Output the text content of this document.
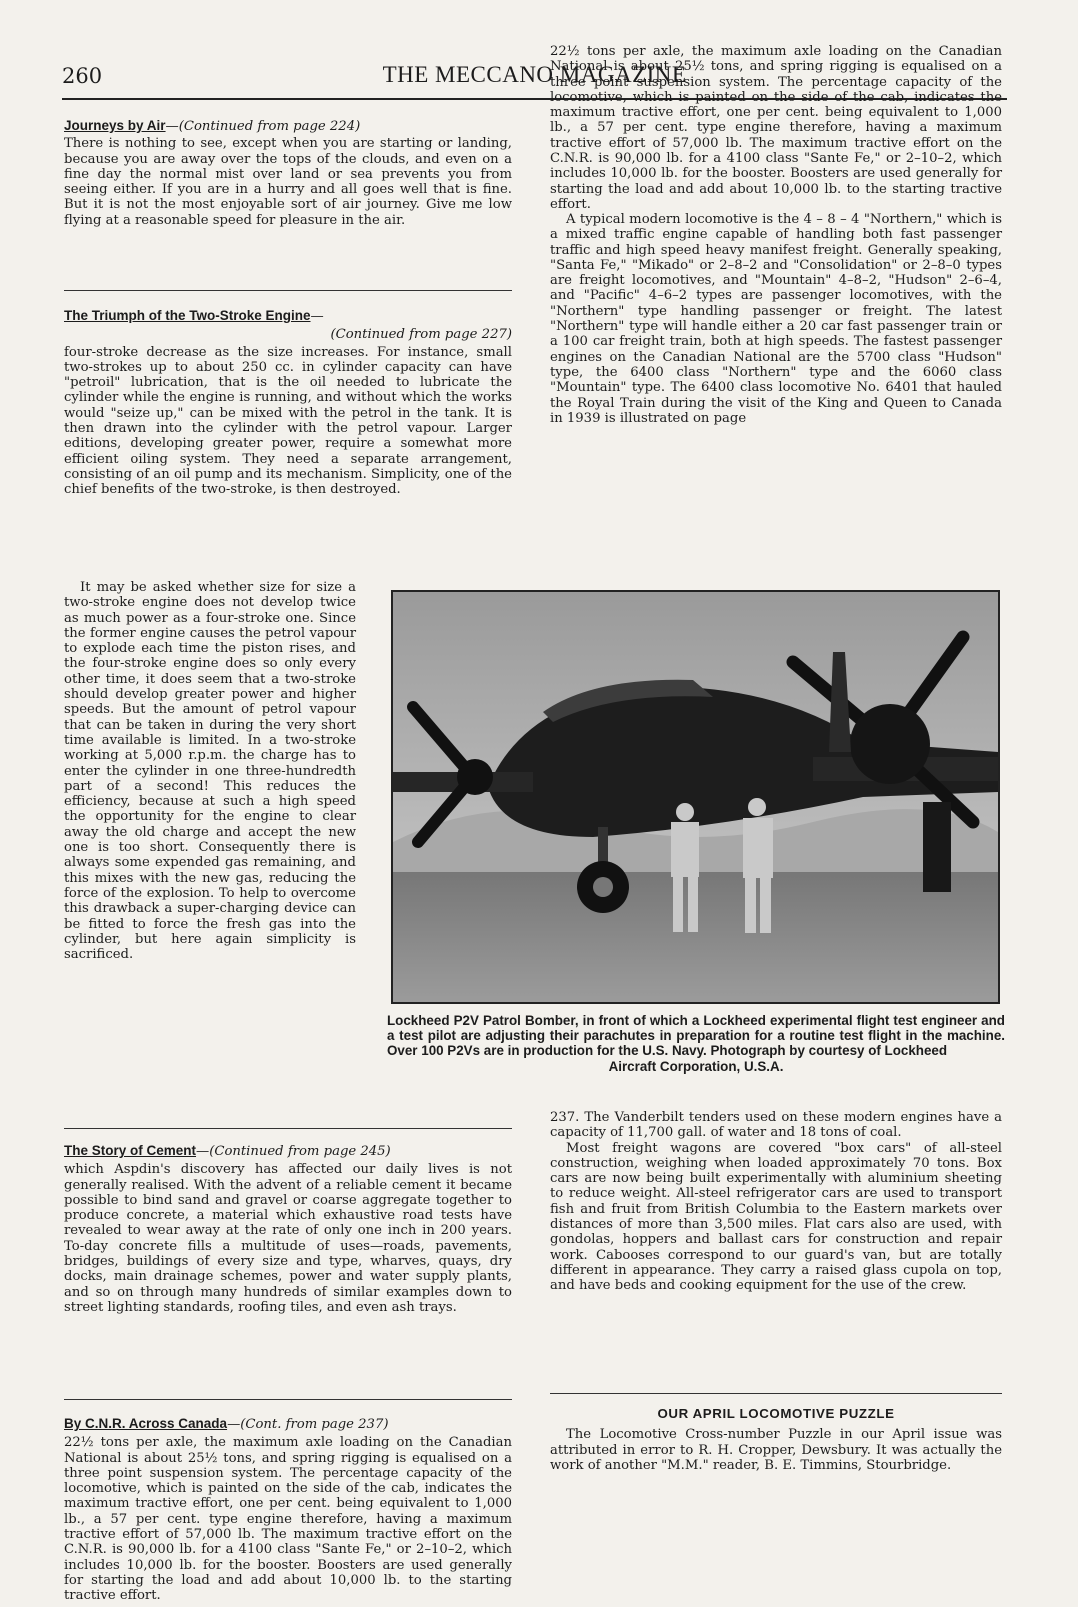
260	THE MECCANO MAGAZINE

Journeys by Air—(Continued from page 224)

There is nothing to see, except when you are starting or landing, because you are away over the tops of the clouds, and even on a fine day the normal mist over land or sea prevents you from seeing either. If you are in a hurry and all goes well that is fine. But it is not the most enjoyable sort of air journey. Give me low flying at a reasonable speed for pleasure in the air.

The Triumph of the Two-Stroke Engine—

(Continued from page 227)

four-stroke decrease as the size increases. For instance, small two-strokes up to about 250 cc. in cylinder capacity can have "petroil" lubrication, that is the oil needed to lubricate the cylinder while the engine is running, and without which the works would "seize up," can be mixed with the petrol in the tank. It is then drawn into the cylinder with the petrol vapour. Larger editions, developing greater power, require a somewhat more efficient oiling system. They need a separate arrangement, consisting of an oil pump and its mechanism. Simplicity, one of the chief benefits of the two-stroke, is then destroyed.

It may be asked whether size for size a two-stroke engine does not develop twice as much power as a four-stroke one. Since the former engine causes the petrol vapour to explode each time the piston rises, and the four-stroke engine does so only every other time, it does seem that a two-stroke should develop greater power and higher speeds. But the amount of petrol vapour that can be taken in during the very short time available is limited. In a two-stroke working at 5,000 r.p.m. the charge has to enter the cylinder in one three-hundredth part of a second! This reduces the efficiency, because at such a high speed the opportunity for the engine to clear away the old charge and accept the new one is too short. Consequently there is always some expended gas remaining, and this mixes with the new gas, reducing the force of the explosion. To help to overcome this drawback a super-charging device can be fitted to force the fresh gas into the cylinder, but here again simplicity is sacrificed.

Lockheed P2V Patrol Bomber, in front of which a Lockheed experimental flight test engineer and a test pilot are adjusting their parachutes in preparation for a routine test flight in the machine. Over 100 P2Vs are in production for the U.S. Navy. Photograph by courtesy of Lockheed
Aircraft Corporation, U.S.A.

The Story of Cement—(Continued from page 245)

which Aspdin's discovery has affected our daily lives is not generally realised. With the advent of a reliable cement it became possible to bind sand and gravel or coarse aggregate together to produce concrete, a material which exhaustive road tests have revealed to wear away at the rate of only one inch in 200 years. To-day concrete fills a multitude of uses—roads, pavements, bridges, buildings of every size and type, wharves, quays, dry docks, main drainage schemes, power and water supply plants, and so on through many hundreds of similar examples down to street lighting standards, roofing tiles, and even ash trays.

By C.N.R. Across Canada—(Cont. from page 237)

22½ tons per axle, the maximum axle loading on the Canadian National is about 25½ tons, and spring rigging is equalised on a three point suspension system. The percentage capacity of the locomotive, which is painted on the side of the cab, indicates the maximum tractive effort, one per cent. being equivalent to 1,000 lb., a 57 per cent. type engine therefore, having a maximum tractive effort of 57,000 lb. The maximum tractive effort on the C.N.R. is 90,000 lb. for a 4100 class "Sante Fe," or 2–10–2, which includes 10,000 lb. for the booster. Boosters are used generally for starting the load and add about 10,000 lb. to the starting tractive effort.

22½ tons per axle, the maximum axle loading on the Canadian National is about 25½ tons, and spring rigging is equalised on a three point suspension system. The percentage capacity of the locomotive, which is painted on the side of the cab, indicates the maximum tractive effort, one per cent. being equivalent to 1,000 lb., a 57 per cent. type engine therefore, having a maximum tractive effort of 57,000 lb. The maximum tractive effort on the C.N.R. is 90,000 lb. for a 4100 class "Sante Fe," or 2–10–2, which includes 10,000 lb. for the booster. Boosters are used generally for starting the load and add about 10,000 lb. to the starting tractive effort.

A typical modern locomotive is the 4 – 8 – 4 "Northern," which is a mixed traffic engine capable of handling both fast passenger traffic and high speed heavy manifest freight. Generally speaking, "Santa Fe," "Mikado" or 2–8–2 and "Consolidation" or 2–8–0 types are freight locomotives, and "Mountain" 4–8–2, "Hudson" 2–6–4, and "Pacific" 4–6–2 types are passenger locomotives, with the "Northern" type handling passenger or freight. The latest "Northern" type will handle either a 20 car fast passenger train or a 100 car freight train, both at high speeds. The fastest passenger engines on the Canadian National are the 5700 class "Hudson" type, the 6400 class "Northern" type and the 6060 class "Mountain" type. The 6400 class locomotive No. 6401 that hauled the Royal Train during the visit of the King and Queen to Canada in 1939 is illustrated on page

237. The Vanderbilt tenders used on these modern engines have a capacity of 11,700 gall. of water and 18 tons of coal.

Most freight wagons are covered "box cars" of all-steel construction, weighing when loaded approximately 70 tons. Box cars are now being built experimentally with aluminium sheeting to reduce weight. All-steel refrigerator cars are used to transport fish and fruit from British Columbia to the Eastern markets over distances of more than 3,500 miles. Flat cars also are used, with gondolas, hoppers and ballast cars for construction and repair work. Cabooses correspond to our guard's van, but are totally different in appearance. They carry a raised glass cupola on top, and have beds and cooking equipment for the use of the crew.

OUR APRIL LOCOMOTIVE PUZZLE

The Locomotive Cross-number Puzzle in our April issue was attributed in error to R. H. Cropper, Dewsbury. It was actually the work of another "M.M." reader, B. E. Timmins, Stourbridge.
